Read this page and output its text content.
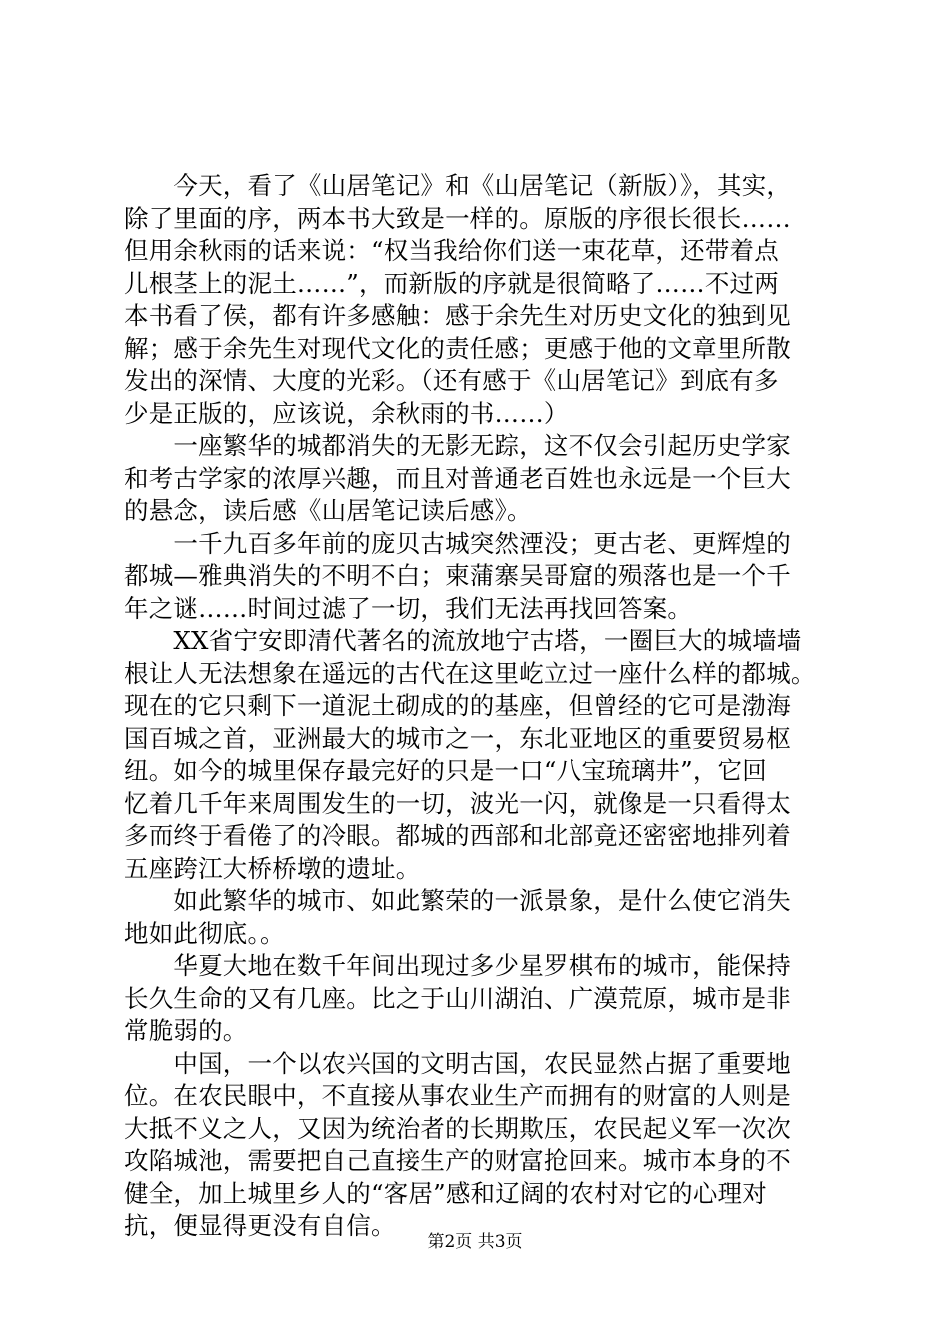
　　今天，看了《山居笔记》和《山居笔记（新版）》，其实，
除了里面的序，两本书大致是一样的。原版的序很长很长……
但用余秋雨的话来说：“权当我给你们送一束花草，还带着点
儿根茎上的泥土……”，而新版的序就是很简略了……不过两
本书看了侯，都有许多感触：感于余先生对历史文化的独到见
解；感于余先生对现代文化的责任感；更感于他的文章里所散
发出的深情、大度的光彩。（还有感于《山居笔记》到底有多
少是正版的，应该说，余秋雨的书……）
　　一座繁华的城都消失的无影无踪，这不仅会引起历史学家
和考古学家的浓厚兴趣，而且对普通老百姓也永远是一个巨大
的悬念，读后感《山居笔记读后感》。
　　一千九百多年前的庞贝古城突然湮没；更古老、更辉煌的
都城—雅典消失的不明不白；柬蒲寨吴哥窟的殒落也是一个千
年之谜……时间过滤了一切，我们无法再找回答案。
　　XX省宁安即清代著名的流放地宁古塔，一圈巨大的城墙墙
根让人无法想象在遥远的古代在这里屹立过一座什么样的都城。
现在的它只剩下一道泥土砌成的的基座，但曾经的它可是渤海
国百城之首，亚洲最大的城市之一，东北亚地区的重要贸易枢
纽。如今的城里保存最完好的只是一口“八宝琉璃井”，它回
忆着几千年来周围发生的一切，波光一闪，就像是一只看得太
多而终于看倦了的冷眼。都城的西部和北部竟还密密地排列着
五座跨江大桥桥墩的遗址。
　　如此繁华的城市、如此繁荣的一派景象，是什么使它消失
地如此彻底。。
　　华夏大地在数千年间出现过多少星罗棋布的城市，能保持
长久生命的又有几座。比之于山川湖泊、广漠荒原，城市是非
常脆弱的。
　　中国，一个以农兴国的文明古国，农民显然占据了重要地
位。在农民眼中，不直接从事农业生产而拥有的财富的人则是
大抵不义之人，又因为统治者的长期欺压，农民起义军一次次
攻陷城池，需要把自己直接生产的财富抢回来。城市本身的不
健全，加上城里乡人的“客居”感和辽阔的农村对它的心理对
抗，便显得更没有自信。
第2页 共3页
